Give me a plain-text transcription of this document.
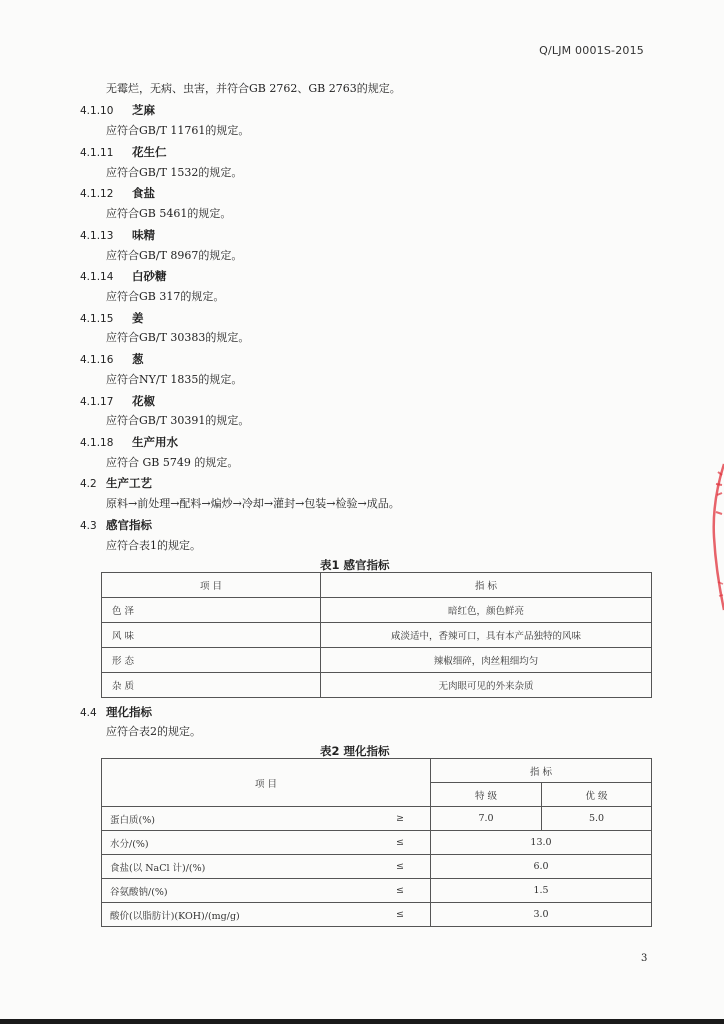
Q/LJM 0001S-2015
无霉烂，无病、虫害，并符合GB 2762、GB 2763的规定。
4.1.10 芝麻
应符合GB/T 11761的规定。
4.1.11 花生仁
应符合GB/T 1532的规定。
4.1.12 食盐
应符合GB 5461的规定。
4.1.13 味精
应符合GB/T 8967的规定。
4.1.14 白砂糖
应符合GB 317的规定。
4.1.15 姜
应符合GB/T 30383的规定。
4.1.16 葱
应符合NY/T 1835的规定。
4.1.17 花椒
应符合GB/T 30391的规定。
4.1.18 生产用水
应符合 GB 5749 的规定。
4.2 生产工艺
原料→前处理→配料→煸炒→冷却→灌封→包装→检验→成品。
4.3 感官指标
应符合表1的规定。
表1 感官指标
项 目	指 标
色 泽	暗红色，颜色鲜亮
风 味	咸淡适中，香辣可口，具有本产品独特的风味
形 态	辣椒细碎，肉丝粗细均匀
杂 质	无肉眼可见的外来杂质
4.4 理化指标
应符合表2的规定。
表2 理化指标
项 目		指 标	
		特 级	优 级
蛋白质(%)	≥	7.0	5.0
水分/(%)	≤	13.0	
食盐(以 NaCl 计)/(%)	≤	6.0	
谷氨酸钠/(%)	≤	1.5	
酸价(以脂肪计)(KOH)/(mg/g)	≤	3.0	
3
